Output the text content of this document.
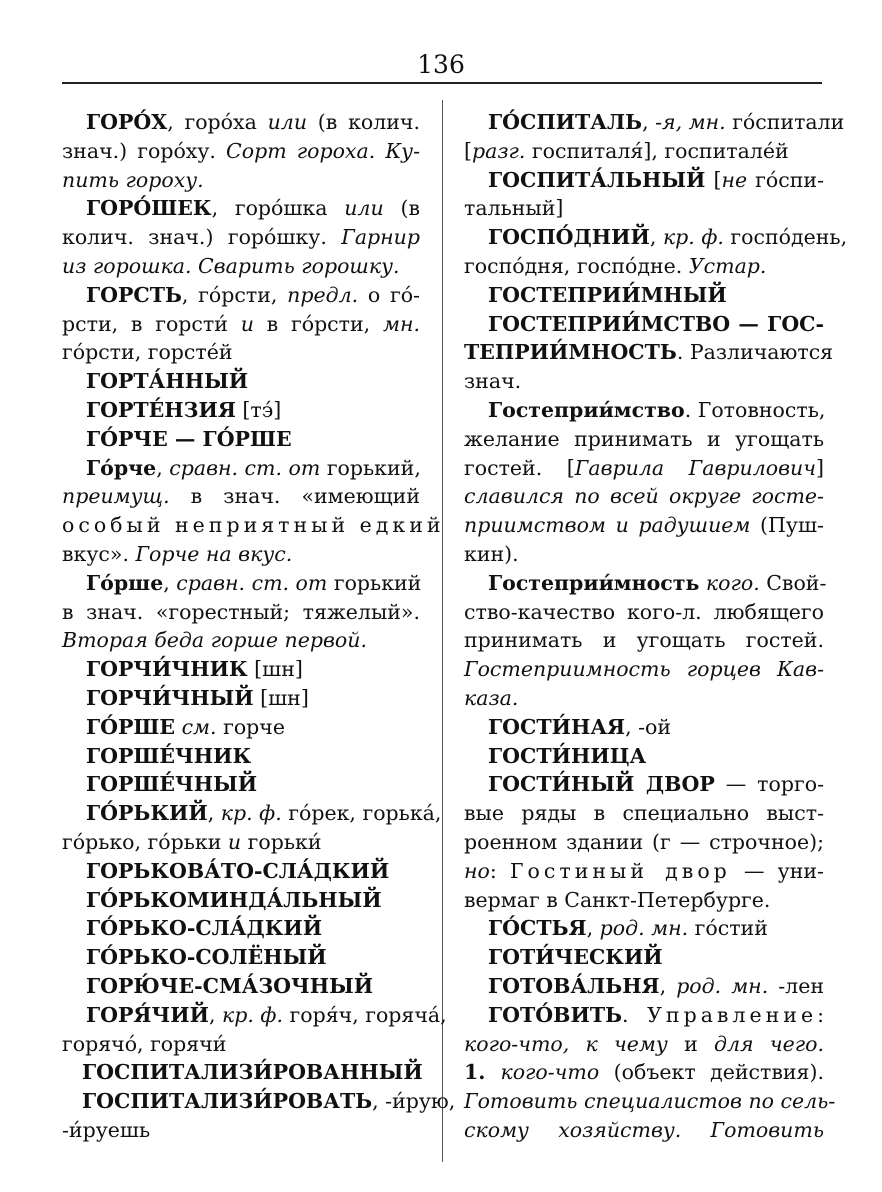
136
ГОРО́Х, горо́ха или (в колич.
знач.) горо́ху. Сорт гороха. Ку-
пить гороху.
ГОРО́ШЕК, горо́шка или (в
колич. знач.) горо́шку. Гарнир
из горошка. Сварить горошку.
ГОРСТЬ, го́рсти, предл. о го́-
рсти, в горсти́ и в го́рсти, мн.
го́рсти, горсте́й
ГОРТА́ННЫЙ
ГОРТЕ́НЗИЯ [тэ́]
ГО́РЧЕ — ГО́РШЕ
Го́рче, сравн. ст. от горький,
преимущ. в знач. «имеющий
особый неприятный едкий
вкус». Горче на вкус.
Го́рше, сравн. ст. от горький
в знач. «горестный; тяжелый».
Вторая беда горше первой.
ГОРЧИ́ЧНИК [шн]
ГОРЧИ́ЧНЫЙ [шн]
ГО́РШЕ см. горче
ГОРШЕ́ЧНИК
ГОРШЕ́ЧНЫЙ
ГО́РЬКИЙ, кр. ф. го́рек, горька́,
го́рько, го́рьки и горьки́
ГОРЬКОВА́ТО-СЛА́ДКИЙ
ГО́РЬКОМИНДА́ЛЬНЫЙ
ГО́РЬКО-СЛА́ДКИЙ
ГО́РЬКО-СОЛЁНЫЙ
ГОРЮ́ЧЕ-СМА́ЗОЧНЫЙ
ГОРЯ́ЧИЙ, кр. ф. горя́ч, горяча́,
горячо́, горячи́
ГОСПИТАЛИЗИ́РОВАННЫЙ
ГОСПИТАЛИЗИ́РОВАТЬ, -и́рую,
-и́руешь
ГО́СПИТАЛЬ, -я, мн. го́спитали
[разг. госпиталя́], госпитале́й
ГОСПИТА́ЛЬНЫЙ [не го́спи-
тальный]
ГОСПО́ДНИЙ, кр. ф. госпо́день,
госпо́дня, госпо́дне. Устар.
ГОСТЕПРИИ́МНЫЙ
ГОСТЕПРИИ́МСТВО — ГОС-
ТЕПРИИ́МНОСТЬ. Различаются
знач.
Гостеприи́мство. Готовность,
желание принимать и угощать
гостей. [Гаврила Гаврилович]
славился по всей округе госте-
приимством и радушием (Пуш-
кин).
Гостеприи́мность кого. Свой-
ство-качество кого-л. любящего
принимать и угощать гостей.
Гостеприимность горцев Кав-
каза.
ГОСТИ́НАЯ, -ой
ГОСТИ́НИЦА
ГОСТИ́НЫЙ ДВОР — торго-
вые ряды в специально выст-
роенном здании (г — строчное);
но: Гостиный двор — уни-
вермаг в Санкт-Петербурге.
ГО́СТЬЯ, род. мн. го́стий
ГОТИ́ЧЕСКИЙ
ГОТОВА́ЛЬНЯ, род. мн. -лен
ГОТО́ВИТЬ. Управление:
кого-что, к чему и для чего.
1. кого-что (объект действия).
Готовить специалистов по сель-
скому хозяйству. Готовить
